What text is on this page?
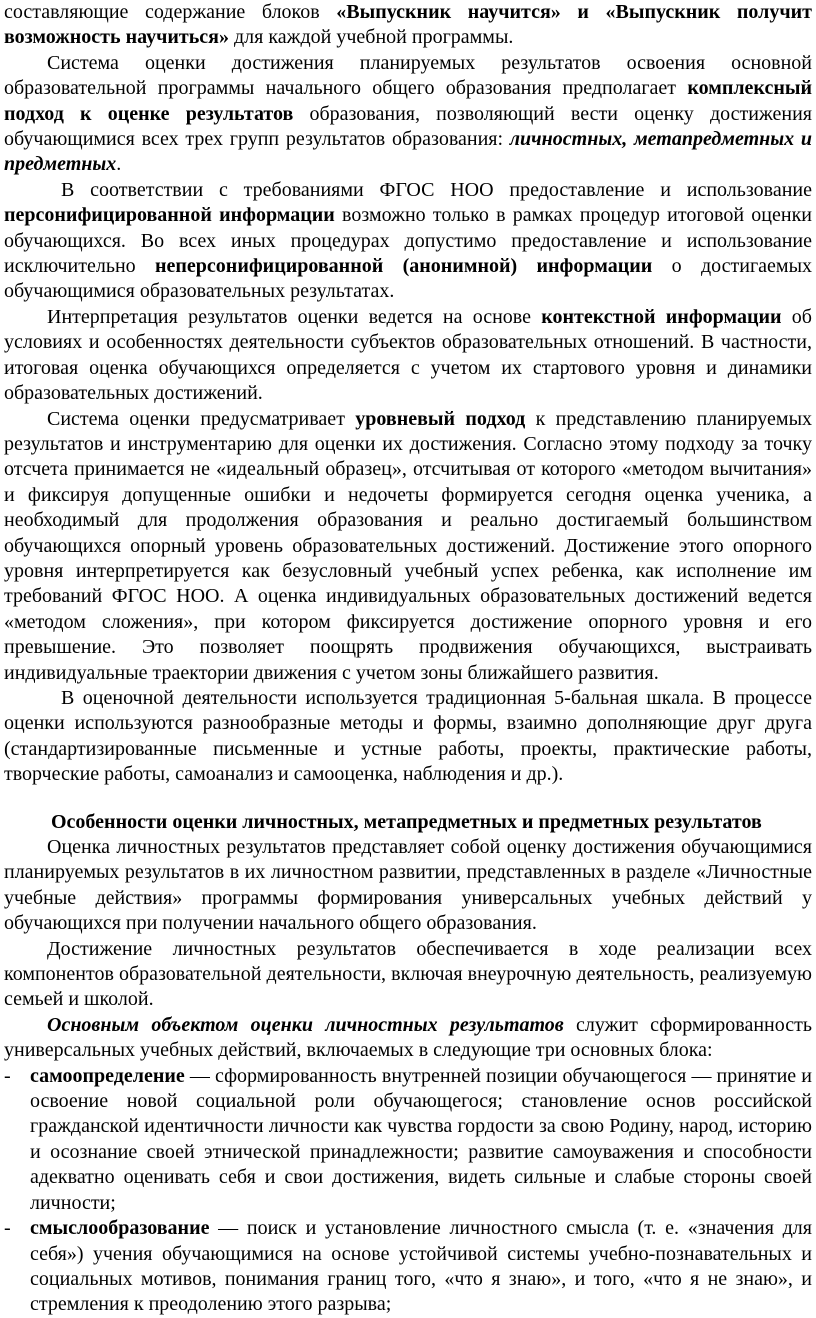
составляющие содержание блоков «Выпускник научится» и «Выпускник получит возможность научиться» для каждой учебной программы.

Система оценки достижения планируемых результатов освоения основной образовательной программы начального общего образования предполагает комплексный подход к оценке результатов образования, позволяющий вести оценку достижения обучающимися всех трех групп результатов образования: личностных, метапредметных и предметных.

В соответствии с требованиями ФГОС НОО предоставление и использование персонифицированной информации возможно только в рамках процедур итоговой оценки обучающихся. Во всех иных процедурах допустимо предоставление и использование исключительно неперсонифицированной (анонимной) информации о достигаемых обучающимися образовательных результатах.

Интерпретация результатов оценки ведется на основе контекстной информации об условиях и особенностях деятельности субъектов образовательных отношений. В частности, итоговая оценка обучающихся определяется с учетом их стартового уровня и динамики образовательных достижений.

Система оценки предусматривает уровневый подход к представлению планируемых результатов и инструментарию для оценки их достижения. Согласно этому подходу за точку отсчета принимается не «идеальный образец», отсчитывая от которого «методом вычитания» и фиксируя допущенные ошибки и недочеты формируется сегодня оценка ученика, а необходимый для продолжения образования и реально достигаемый большинством обучающихся опорный уровень образовательных достижений. Достижение этого опорного уровня интерпретируется как безусловный учебный успех ребенка, как исполнение им требований ФГОС НОО. А оценка индивидуальных образовательных достижений ведется «методом сложения», при котором фиксируется достижение опорного уровня и его превышение. Это позволяет поощрять продвижения обучающихся, выстраивать индивидуальные траектории движения с учетом зоны ближайшего развития.

В оценочной деятельности используется традиционная 5-бальная шкала. В процессе оценки используются разнообразные методы и формы, взаимно дополняющие друг друга (стандартизированные письменные и устные работы, проекты, практические работы, творческие работы, самоанализ и самооценка, наблюдения и др.).

Особенности оценки личностных, метапредметных и предметных результатов

Оценка личностных результатов представляет собой оценку достижения обучающимися планируемых результатов в их личностном развитии, представленных в разделе «Личностные учебные действия» программы формирования универсальных учебных действий у обучающихся при получении начального общего образования.

Достижение личностных результатов обеспечивается в ходе реализации всех компонентов образовательной деятельности, включая внеурочную деятельность, реализуемую семьей и школой.

Основным объектом оценки личностных результатов служит сформированность универсальных учебных действий, включаемых в следующие три основных блока:

- самоопределение — сформированность внутренней позиции обучающегося — принятие и освоение новой социальной роли обучающегося; становление основ российской гражданской идентичности личности как чувства гордости за свою Родину, народ, историю и осознание своей этнической принадлежности; развитие самоуважения и способности адекватно оценивать себя и свои достижения, видеть сильные и слабые стороны своей личности;
- смыслообразование — поиск и установление личностного смысла (т. е. «значения для себя») учения обучающимися на основе устойчивой системы учебно-познавательных и социальных мотивов, понимания границ того, «что я знаю», и того, «что я не знаю», и стремления к преодолению этого разрыва;
